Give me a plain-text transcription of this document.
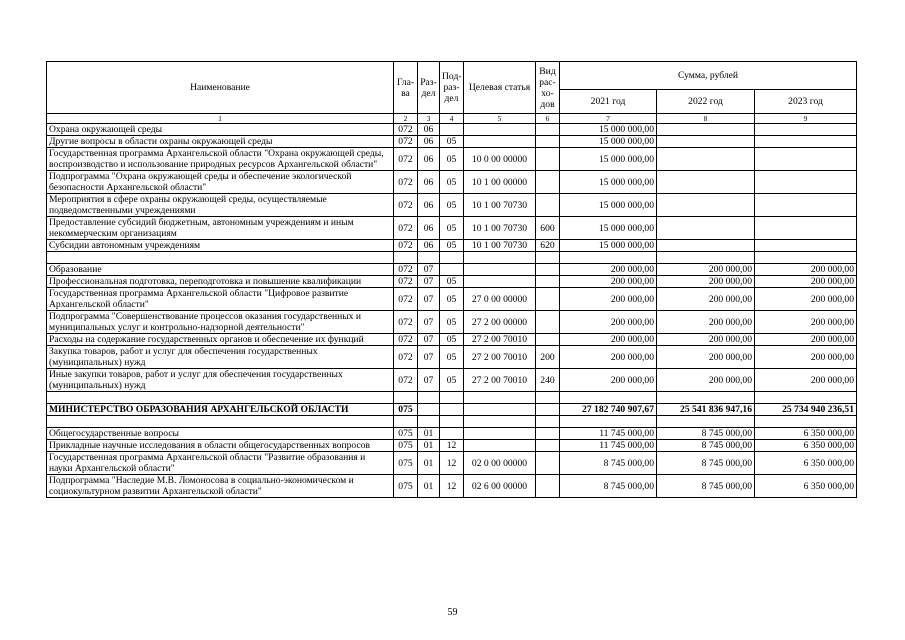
Наименование	Гла-ва	Раз-дел	Под-раз-дел	Целевая статья	Вид рас-хо-дов	Сумма, рублей		
						2021 год	2022 год	2023 год
1	2	3	4	5	6	7	8	9
Охрана окружающей среды	072	06				15 000 000,00		
Другие вопросы в области охраны окружающей среды	072	06	05			15 000 000,00		
Государственная программа Архангельской области "Охрана окружающей среды, воспроизводство и использование природных ресурсов Архангельской области"	072	06	05	10 0 00 00000		15 000 000,00		
Подпрограмма "Охрана окружающей среды и обеспечение экологической безопасности Архангельской области"	072	06	05	10 1 00 00000		15 000 000,00		
Мероприятия в сфере охраны окружающей среды, осуществляемые подведомственными учреждениями	072	06	05	10 1 00 70730		15 000 000,00		
Предоставление субсидий бюджетным, автономным учреждениям и иным некоммерческим организациям	072	06	05	10 1 00 70730	600	15 000 000,00		
Субсидии автономным учреждениям	072	06	05	10 1 00 70730	620	15 000 000,00		

Образование	072	07				200 000,00	200 000,00	200 000,00
Профессиональная подготовка, переподготовка и повышение квалификации	072	07	05			200 000,00	200 000,00	200 000,00
Государственная программа Архангельской области "Цифровое развитие Архангельской области"	072	07	05	27 0 00 00000		200 000,00	200 000,00	200 000,00
Подпрограмма "Совершенствование процессов оказания государственных и муниципальных услуг и контрольно-надзорной деятельности"	072	07	05	27 2 00 00000		200 000,00	200 000,00	200 000,00
Расходы на содержание государственных органов и обеспечение их функций	072	07	05	27 2 00 70010		200 000,00	200 000,00	200 000,00
Закупка товаров, работ и услуг для обеспечения государственных (муниципальных) нужд	072	07	05	27 2 00 70010	200	200 000,00	200 000,00	200 000,00
Иные закупки товаров, работ и услуг для обеспечения государственных (муниципальных) нужд	072	07	05	27 2 00 70010	240	200 000,00	200 000,00	200 000,00

МИНИСТЕРСТВО ОБРАЗОВАНИЯ АРХАНГЕЛЬСКОЙ ОБЛАСТИ	075					27 182 740 907,67	25 541 836 947,16	25 734 940 236,51

Общегосударственные вопросы	075	01				11 745 000,00	8 745 000,00	6 350 000,00
Прикладные научные исследования в области общегосударственных вопросов	075	01	12			11 745 000,00	8 745 000,00	6 350 000,00
Государственная программа Архангельской области "Развитие образования и науки Архангельской области"	075	01	12	02 0 00 00000		8 745 000,00	8 745 000,00	6 350 000,00
Подпрограмма "Наследие М.В. Ломоносова в социально-экономическом и социокультурном развитии Архангельской области"	075	01	12	02 6 00 00000		8 745 000,00	8 745 000,00	6 350 000,00
59
